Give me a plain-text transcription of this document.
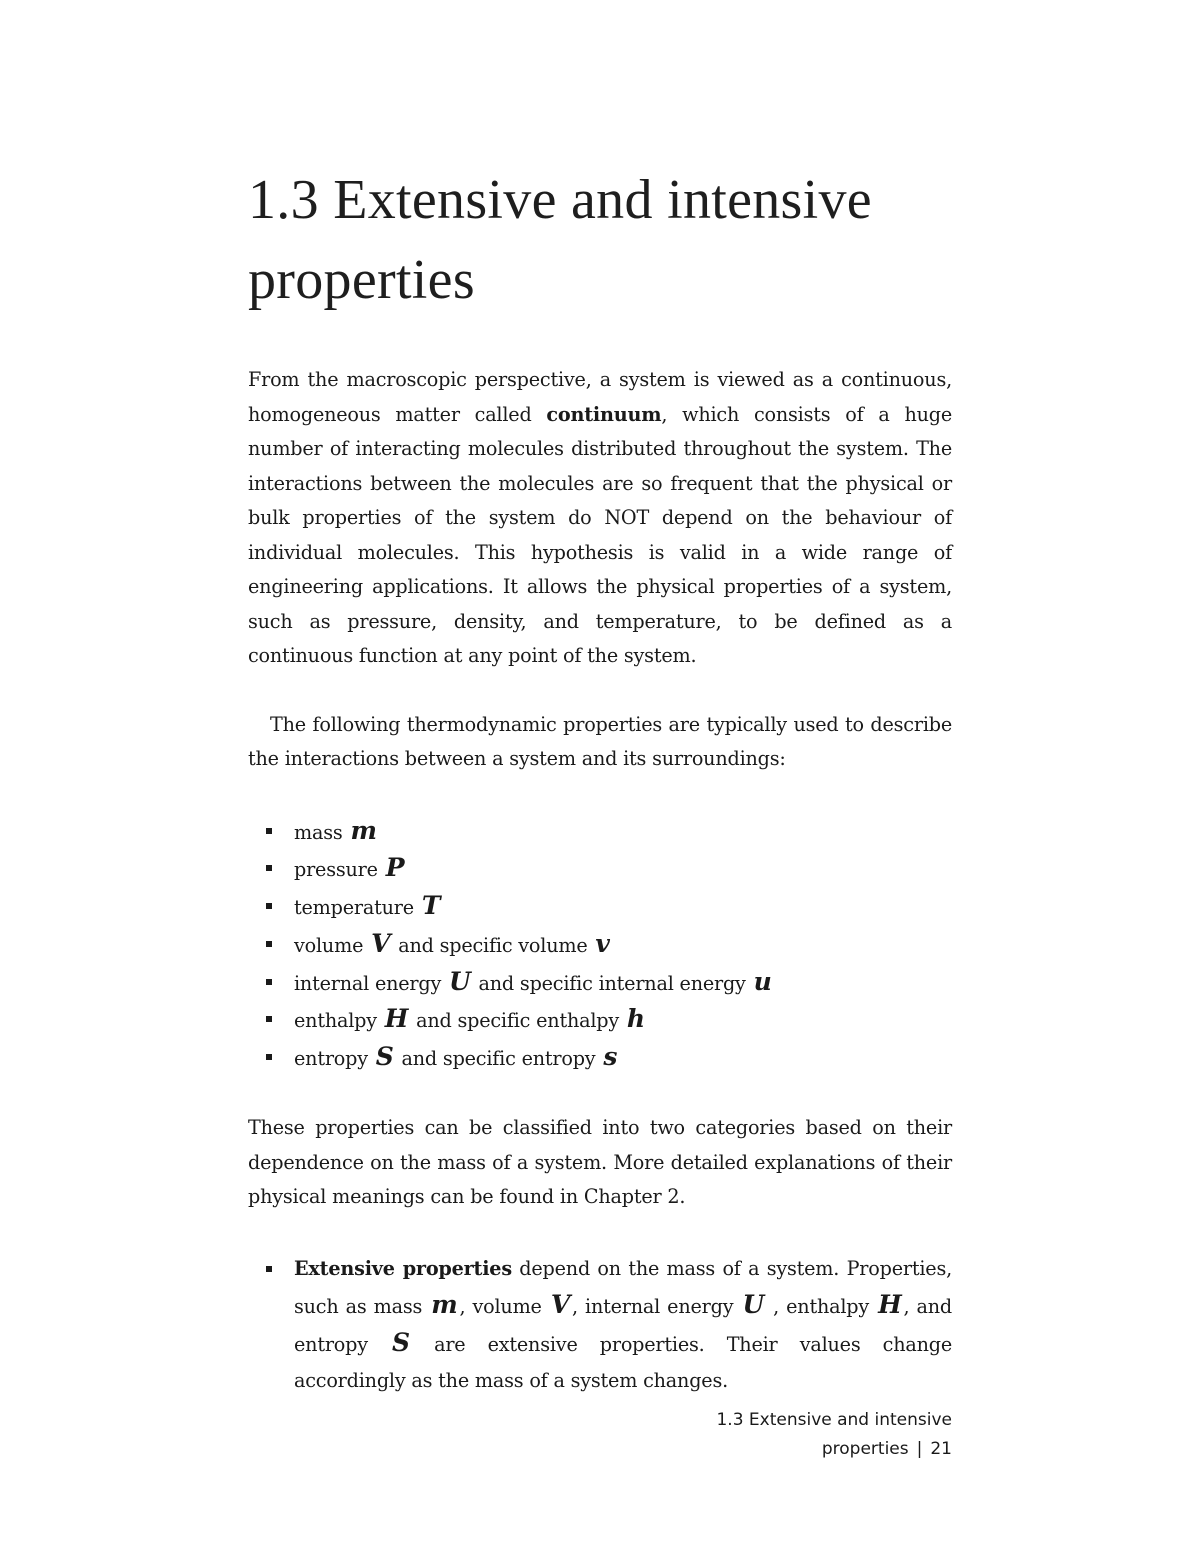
1.3 Extensive and intensive properties

From the macroscopic perspective, a system is viewed as a continuous, homogeneous matter called continuum, which consists of a huge number of interacting molecules distributed throughout the system. The interactions between the molecules are so frequent that the physical or bulk properties of the system do NOT depend on the behaviour of individual molecules. This hypothesis is valid in a wide range of engineering applications. It allows the physical properties of a system, such as pressure, density, and temperature, to be defined as a continuous function at any point of the system.

The following thermodynamic properties are typically used to describe the interactions between a system and its surroundings:

mass m
pressure P
temperature T
volume V and specific volume v
internal energy U and specific internal energy u
enthalpy H and specific enthalpy h
entropy S and specific entropy s

These properties can be classified into two categories based on their dependence on the mass of a system. More detailed explanations of their physical meanings can be found in Chapter 2.

Extensive properties depend on the mass of a system. Properties, such as mass m , volume V , internal energy U , enthalpy H , and entropy S are extensive properties. Their values change accordingly as the mass of a system changes.
1.3 Extensive and intensive
properties | 21
